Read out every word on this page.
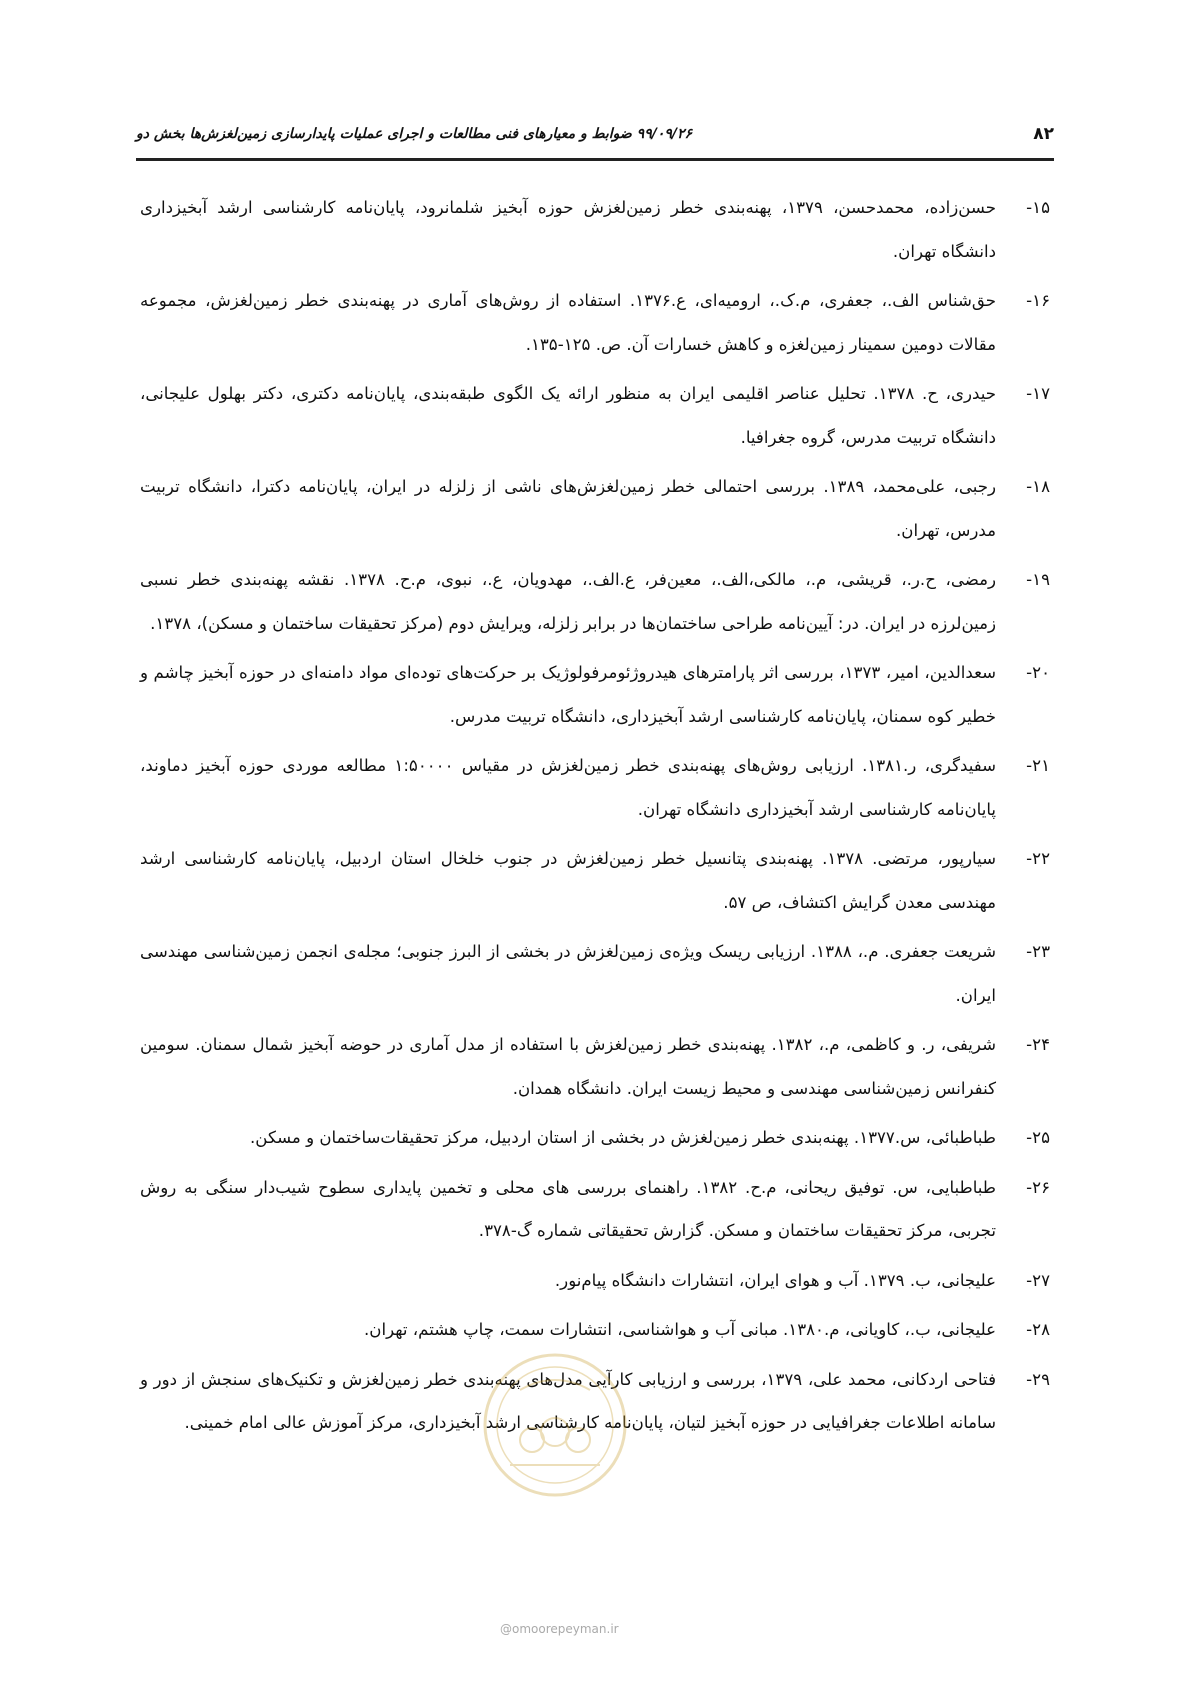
۸۲
۹۹/۰۹/۲۶ ضوابط و معیارهای فنی مطالعات و اجرای عملیات پایدارسازی زمین‌لغزش‌ها بخش دو
۱۵-
حسن‌زاده، محمدحسن، ۱۳۷۹، پهنه‌بندی خطر زمین‌لغزش حوزه آبخیز شلمانرود، پایان‌نامه کارشناسی ارشد آبخیزداری دانشگاه تهران.
۱۶-
حق‌شناس الف.، جعفری، م.ک.، ارومیه‌ای، ع.۱۳۷۶. استفاده از روش‌های آماری در پهنه‌بندی خطر زمین‌لغزش، مجموعه مقالات دومین سمینار زمین‌لغزه و کاهش خسارات آن. ص. ۱۲۵-۱۳۵.
۱۷-
حیدری، ح. ۱۳۷۸. تحلیل عناصر اقلیمی ایران به منظور ارائه یک الگوی طبقه‌بندی، پایان‌نامه دکتری، دکتر بهلول علیجانی، دانشگاه تربیت مدرس، گروه جغرافیا.
۱۸-
رجبی، علی‌محمد، ۱۳۸۹. بررسی احتمالی خطر زمین‌لغزش‌های ناشی از زلزله در ایران، پایان‌نامه دکترا، دانشگاه تربیت مدرس، تهران.
۱۹-
رمضی، ح.ر.، قریشی، م.، مالکی،الف.، معین‌فر، ع.الف.، مهدویان، ع.، نبوی، م.ح. ۱۳۷۸. نقشه پهنه‌بندی خطر نسبی زمین‌لرزه در ایران. در: آیین‌نامه طراحی ساختمان‌ها در برابر زلزله، ویرایش دوم (مرکز تحقیقات ساختمان و مسکن)، ۱۳۷۸.
۲۰-
سعدالدین، امیر، ۱۳۷۳، بررسی اثر پارامترهای هیدروژئومرفولوژیک بر حرکت‌های توده‌ای مواد دامنه‌ای در حوزه آبخیز چاشم و خطیر کوه سمنان، پایان‌نامه کارشناسی ارشد آبخیزداری، دانشگاه تربیت مدرس.
۲۱-
سفیدگری، ر.۱۳۸۱. ارزیابی روش‌های پهنه‌بندی خطر زمین‌لغزش در مقیاس ۱:۵۰۰۰۰ مطالعه موردی حوزه آبخیز دماوند، پایان‌نامه کارشناسی ارشد آبخیزداری دانشگاه تهران.
۲۲-
سیارپور، مرتضی. ۱۳۷۸. پهنه‌بندی پتانسیل خطر زمین‌لغزش در جنوب خلخال استان اردبیل، پایان‌نامه کارشناسی ارشد مهندسی معدن گرایش اکتشاف، ص ۵۷.
۲۳-
شریعت جعفری. م.، ۱۳۸۸. ارزیابی ریسک ویژه‌ی زمین‌لغزش در بخشی از البرز جنوبی؛ مجله‌ی انجمن زمین‌شناسی مهندسی ایران.
۲۴-
شریفی، ر. و کاظمی، م.، ۱۳۸۲. پهنه‌بندی خطر زمین‌لغزش با استفاده از مدل آماری در حوضه آبخیز شمال سمنان. سومین کنفرانس زمین‌شناسی مهندسی و محیط زیست ایران. دانشگاه همدان.
۲۵-
طباطبائی، س.۱۳۷۷. پهنه‌بندی خطر زمین‌لغزش در بخشی از استان اردبیل، مرکز تحقیقات‌ساختمان و مسکن.
۲۶-
طباطبایی، س. توفیق ریحانی، م.ح. ۱۳۸۲. راهنمای بررسی های محلی و تخمین پایداری سطوح شیب‌دار سنگی به روش تجربی، مرکز تحقیقات ساختمان و مسکن. گزارش تحقیقاتی شماره گ-۳۷۸.
۲۷-
علیجانی، ب. ۱۳۷۹. آب و هوای ایران، انتشارات دانشگاه پیام‌نور.
۲۸-
علیجانی، ب.، کاویانی، م.۱۳۸۰. مبانی آب و هواشناسی، انتشارات سمت، چاپ هشتم، تهران.
۲۹-
فتاحی اردکانی، محمد علی، ۱۳۷۹، بررسی و ارزیابی کارآیی مدل‌های پهنه‌بندی خطر زمین‌لغزش و تکنیک‌های سنجش از دور و سامانه اطلاعات جغرافیایی در حوزه آبخیز لتیان، پایان‌نامه کارشناسی ارشد آبخیزداری، مرکز آموزش عالی امام خمینی.
@omoorepeyman.ir
